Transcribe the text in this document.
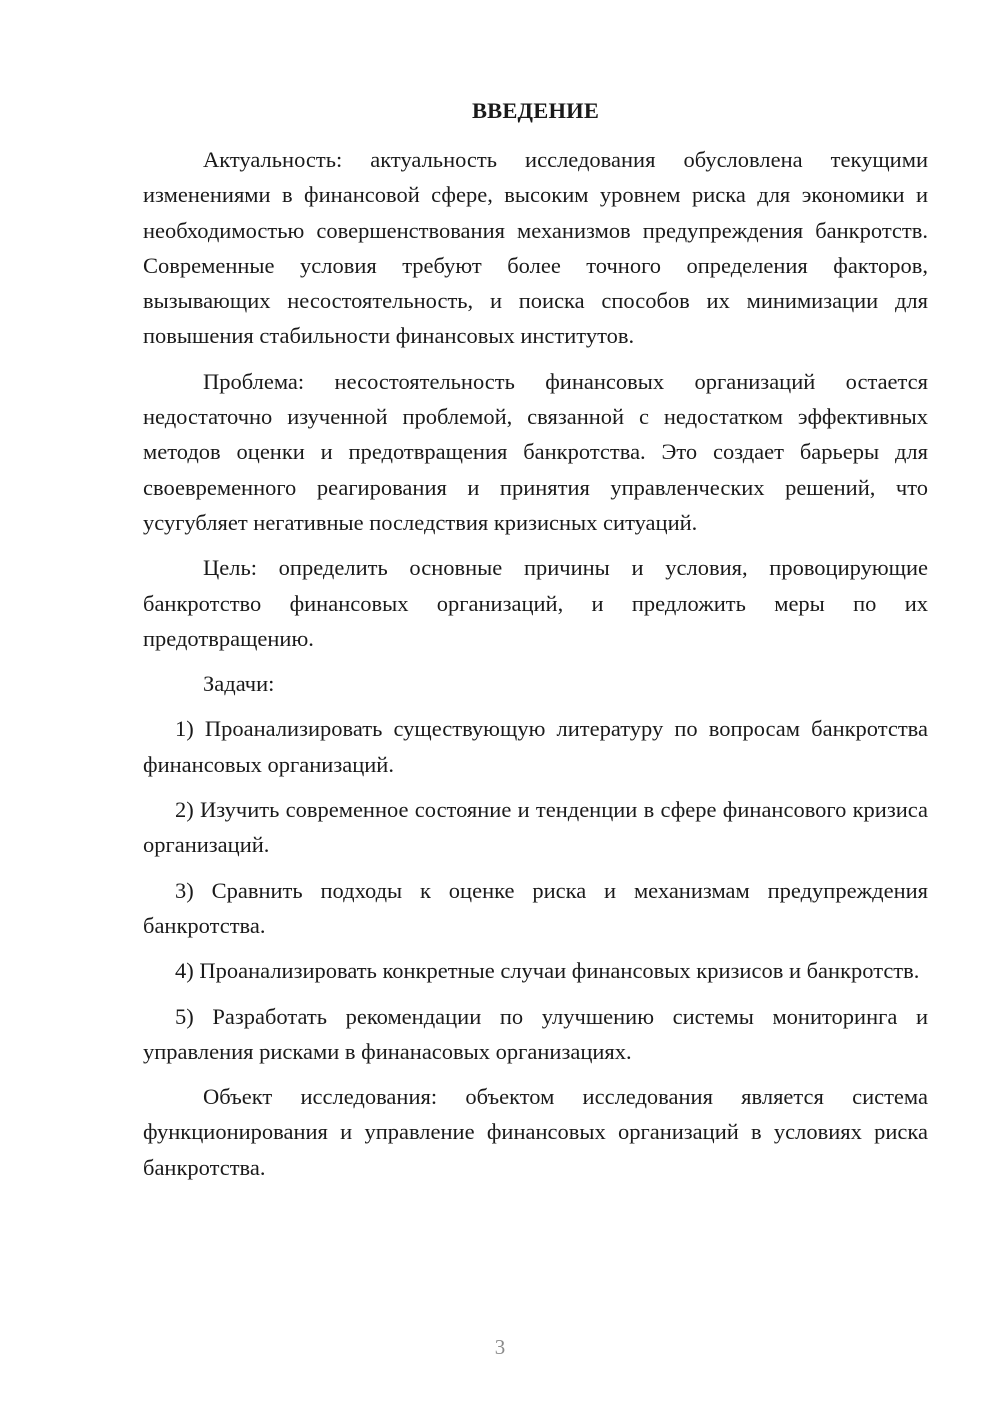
ВВЕДЕНИЕ

Актуальность: актуальность исследования обусловлена текущими изменениями в финансовой сфере, высоким уровнем риска для экономики и необходимостью совершенствования механизмов предупреждения банкротств. Современные условия требуют более точного определения факторов, вызывающих несостоятельность, и поиска способов их минимизации для повышения стабильности финансовых институтов.

Проблема: несостоятельность финансовых организаций остается недостаточно изученной проблемой, связанной с недостатком эффективных методов оценки и предотвращения банкротства. Это создает барьеры для своевременного реагирования и принятия управленческих решений, что усугубляет негативные последствия кризисных ситуаций.

Цель: определить основные причины и условия, провоцирующие банкротство финансовых организаций, и предложить меры по их предотвращению.

Задачи:

1) Проанализировать существующую литературу по вопросам банкротства финансовых организаций.

2) Изучить современное состояние и тенденции в сфере финансового кризиса организаций.

3) Сравнить подходы к оценке риска и механизмам предупреждения банкротства.

4) Проанализировать конкретные случаи финансовых кризисов и банкротств.

5) Разработать рекомендации по улучшению системы мониторинга и управления рисками в финанасовых организациях.

Объект исследования: объектом исследования является система функционирования и управление финансовых организаций в условиях риска банкротства.

3
